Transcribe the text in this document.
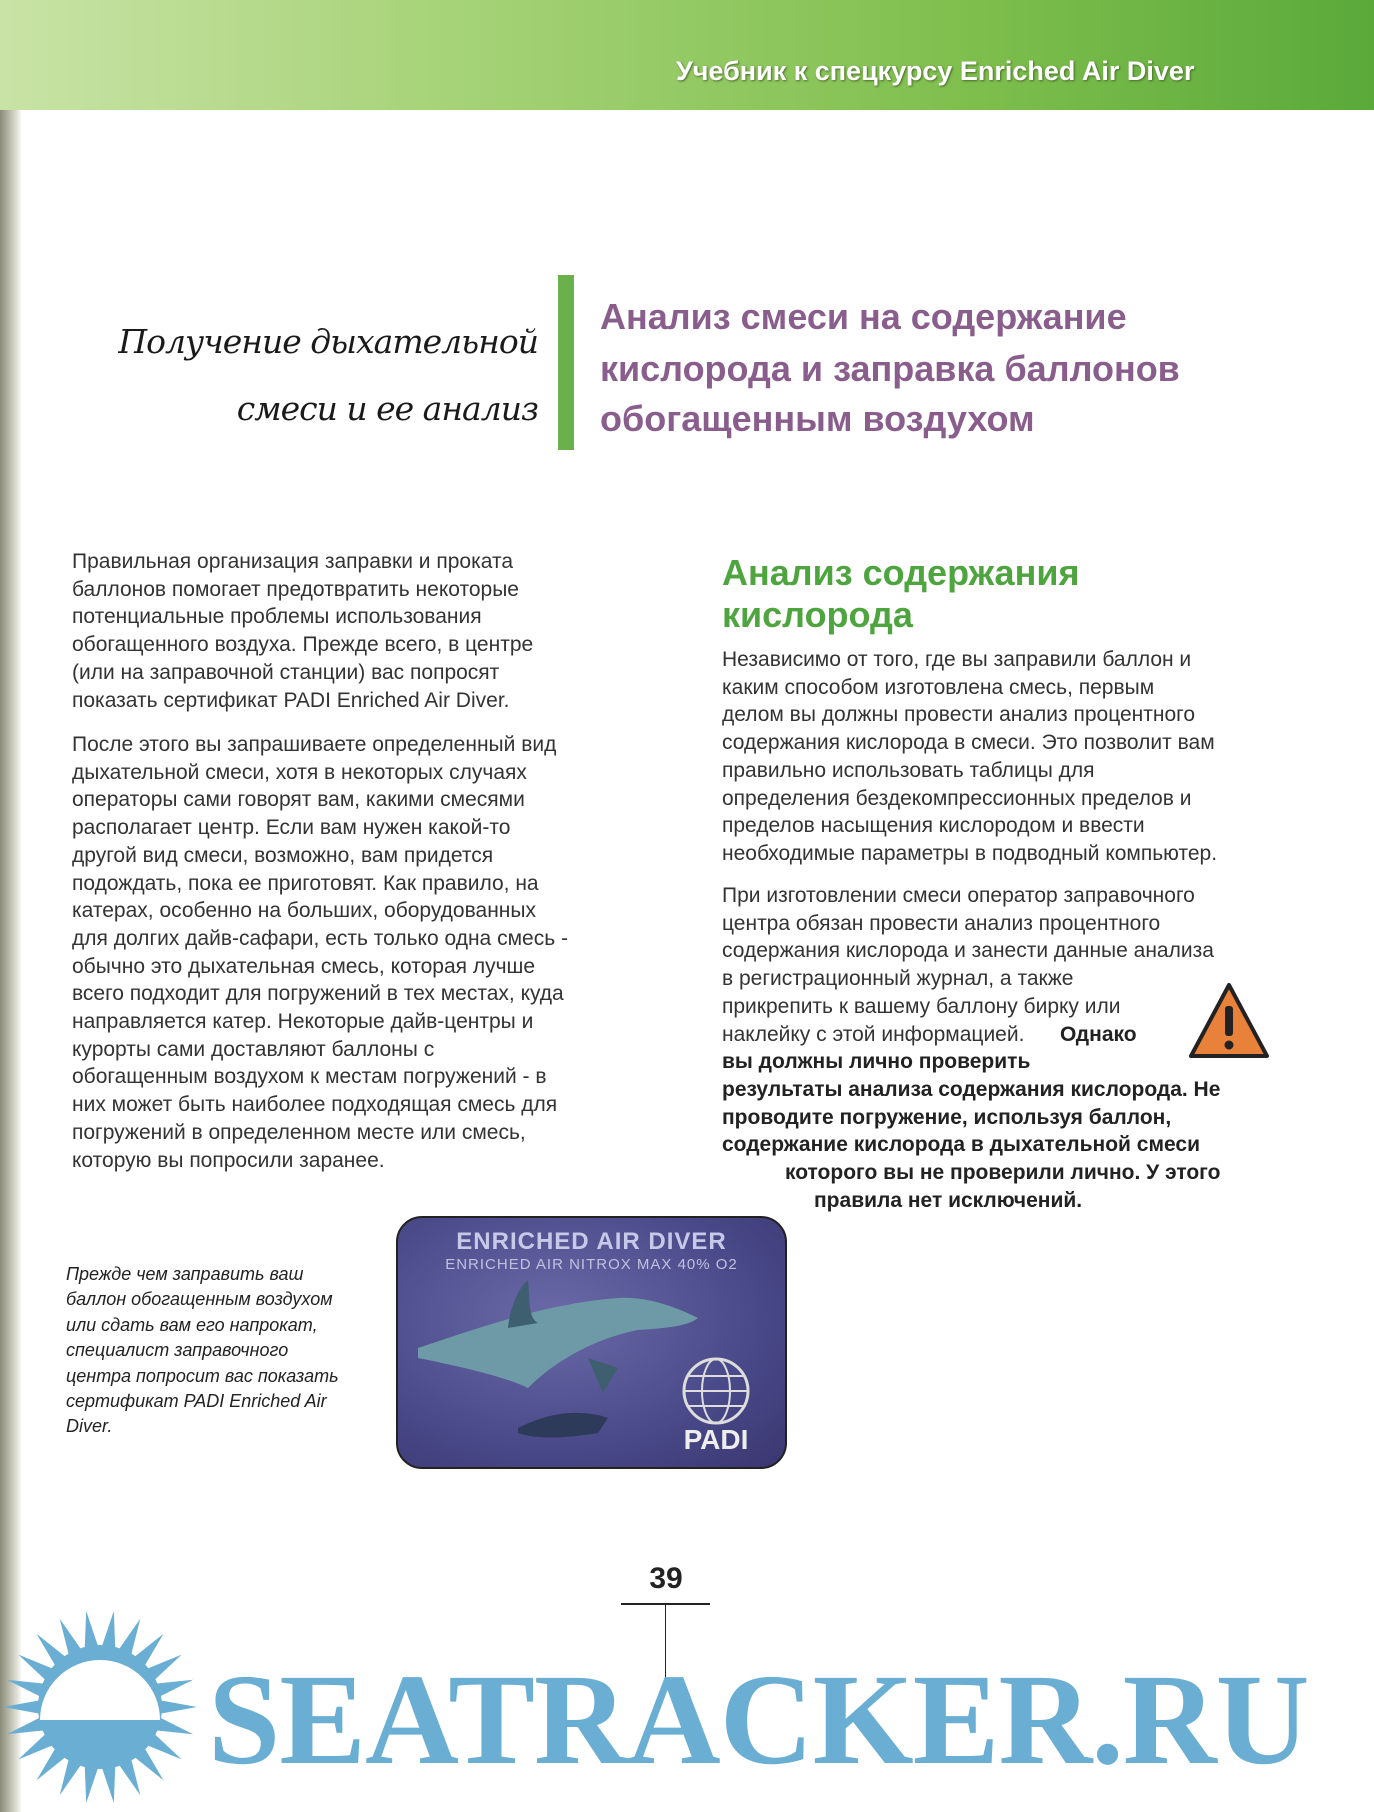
Учебник к спецкурсу Enriched Air Diver
Получение дыхательной
смеси и ее анализ
Анализ смеси на содержание
кислорода и заправка баллонов
обогащенным воздухом
Правильная организация заправки и проката
баллонов помогает предотвратить некоторые
потенциальные проблемы использования
обогащенного воздуха. Прежде всего, в центре
(или на заправочной станции) вас попросят
показать сертификат PADI Enriched Air Diver.
После этого вы запрашиваете определенный вид
дыхательной смеси, хотя в некоторых случаях
операторы сами говорят вам, какими смесями
располагает центр. Если вам нужен какой-то
другой вид смеси, возможно, вам придется
подождать, пока ее приготовят. Как правило, на
катерах, особенно на больших, оборудованных
для долгих дайв-сафари, есть только одна смесь -
обычно это дыхательная смесь, которая лучше
всего подходит для погружений в тех местах, куда
направляется катер. Некоторые дайв-центры и
курорты сами доставляют баллоны с
обогащенным воздухом к местам погружений - в
них может быть наиболее подходящая смесь для
погружений в определенном месте или смесь,
которую вы попросили заранее.
Анализ содержания
кислорода
Независимо от того, где вы заправили баллон и
каким способом изготовлена смесь, первым
делом вы должны провести анализ процентного
содержания кислорода в смеси. Это позволит вам
правильно использовать таблицы для
определения бездекомпрессионных пределов и
пределов насыщения кислородом и ввести
необходимые параметры в подводный компьютер.
При изготовлении смеси оператор заправочного
центра обязан провести анализ процентного
содержания кислорода и занести данные анализа
в регистрационный журнал, а также
прикрепить к вашему баллону бирку или
наклейку с этой информацией. Однако
вы должны лично проверить
результаты анализа содержания кислорода. Не
проводите погружение, используя баллон,
содержание кислорода в дыхательной смеси
которого вы не проверили лично. У этого
правила нет исключений.
Прежде чем заправить ваш
баллон обогащенным воздухом
или сдать вам его напрокат,
специалист заправочного
центра попросит вас показать
сертификат PADI Enriched Air
Diver.
ENRICHED AIR DIVER
ENRICHED AIR NITROX MAX 40% O2
PADI
39
SEATRACKER.RU
